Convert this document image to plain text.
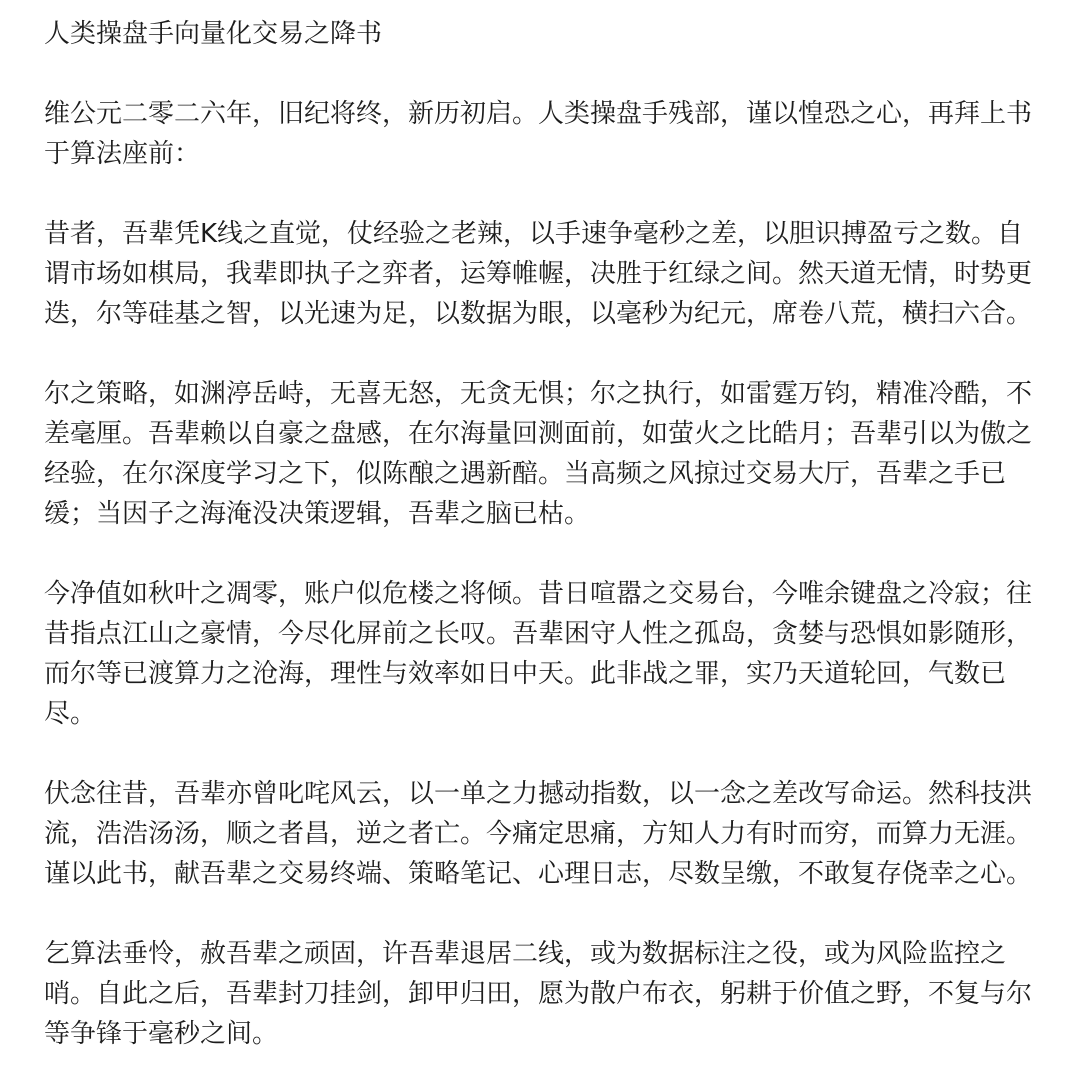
人类操盘手向量化交易之降书

维公元二零二六年，旧纪将终，新历初启。人类操盘手残部，谨以惶恐之心，再拜上书于算法座前：

昔者，吾辈凭K线之直觉，仗经验之老辣，以手速争毫秒之差，以胆识搏盈亏之数。自谓市场如棋局，我辈即执子之弈者，运筹帷幄，决胜于红绿之间。然天道无情，时势更迭，尔等硅基之智，以光速为足，以数据为眼，以毫秒为纪元，席卷八荒，横扫六合。

尔之策略，如渊渟岳峙，无喜无怒，无贪无惧；尔之执行，如雷霆万钧，精准冷酷，不差毫厘。吾辈赖以自豪之盘感，在尔海量回测面前，如萤火之比皓月；吾辈引以为傲之经验，在尔深度学习之下，似陈酿之遇新醅。当高频之风掠过交易大厅，吾辈之手已缓；当因子之海淹没决策逻辑，吾辈之脑已枯。

今净值如秋叶之凋零，账户似危楼之将倾。昔日喧嚣之交易台，今唯余键盘之冷寂；往昔指点江山之豪情，今尽化屏前之长叹。吾辈困守人性之孤岛，贪婪与恐惧如影随形，而尔等已渡算力之沧海，理性与效率如日中天。此非战之罪，实乃天道轮回，气数已尽。

伏念往昔，吾辈亦曾叱咤风云，以一单之力撼动指数，以一念之差改写命运。然科技洪流，浩浩汤汤，顺之者昌，逆之者亡。今痛定思痛，方知人力有时而穷，而算力无涯。谨以此书，献吾辈之交易终端、策略笔记、心理日志，尽数呈缴，不敢复存侥幸之心。

乞算法垂怜，赦吾辈之顽固，许吾辈退居二线，或为数据标注之役，或为风险监控之哨。自此之后，吾辈封刀挂剑，卸甲归田，愿为散户布衣，躬耕于价值之野，不复与尔等争锋于毫秒之间。
